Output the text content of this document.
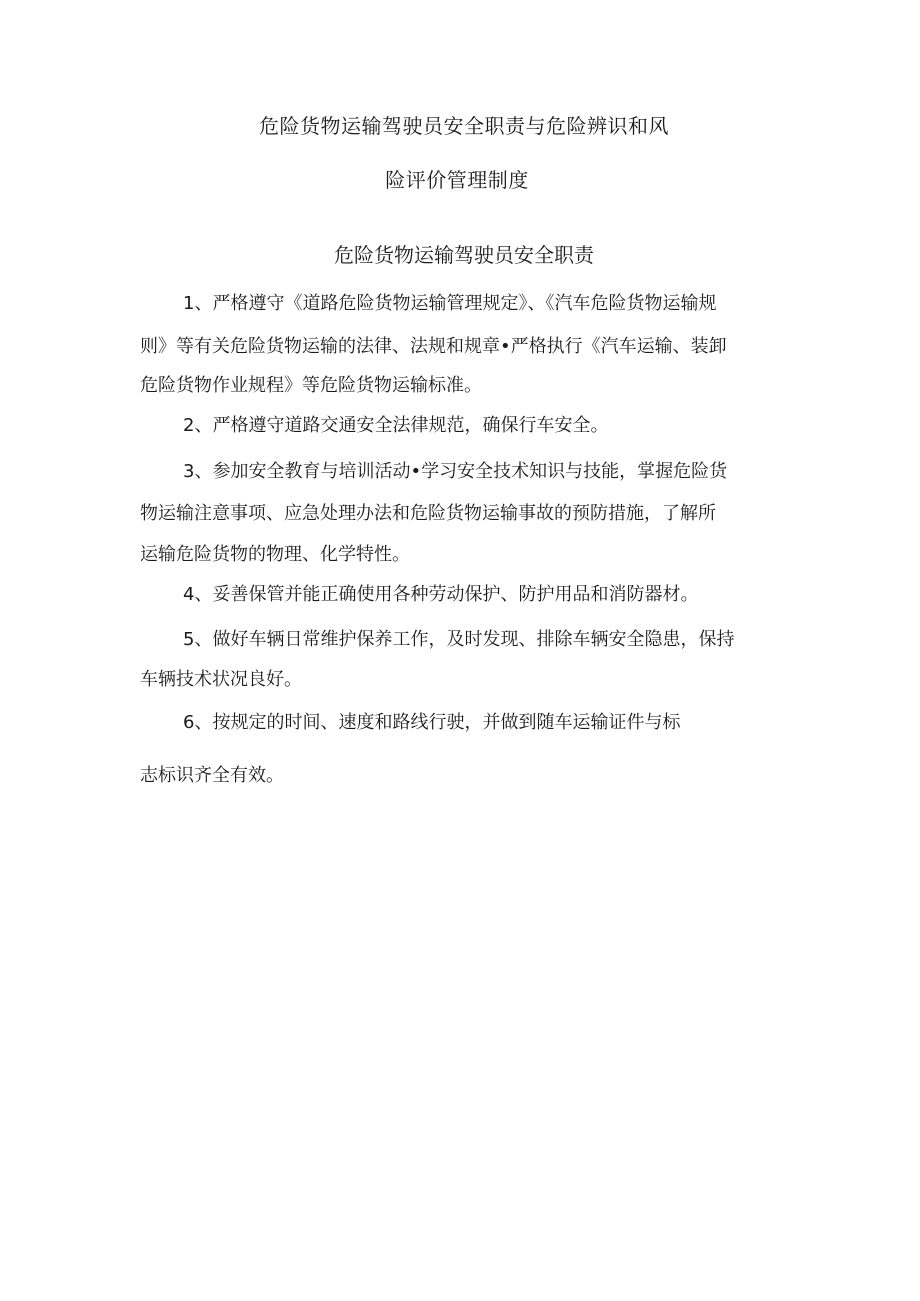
危险货物运输驾驶员安全职责与危险辨识和风
险评价管理制度
危险货物运输驾驶员安全职责
1、严格遵守《道路危险货物运输管理规定》、《汽车危险货物运输规
则》等有关危险货物运输的法律、法规和规章•严格执行《汽车运输、装卸
危险货物作业规程》等危险货物运输标准。
2、严格遵守道路交通安全法律规范，确保行车安全。
3、参加安全教育与培训活动•学习安全技术知识与技能，掌握危险货
物运输注意事项、应急处理办法和危险货物运输事故的预防措施，了解所
运输危险货物的物理、化学特性。
4、妥善保管并能正确使用各种劳动保护、防护用品和消防器材。
5、做好车辆日常维护保养工作，及时发现、排除车辆安全隐患，保持
车辆技术状况良好。
6、按规定的时间、速度和路线行驶，并做到随车运输证件与标
志标识齐全有效。
